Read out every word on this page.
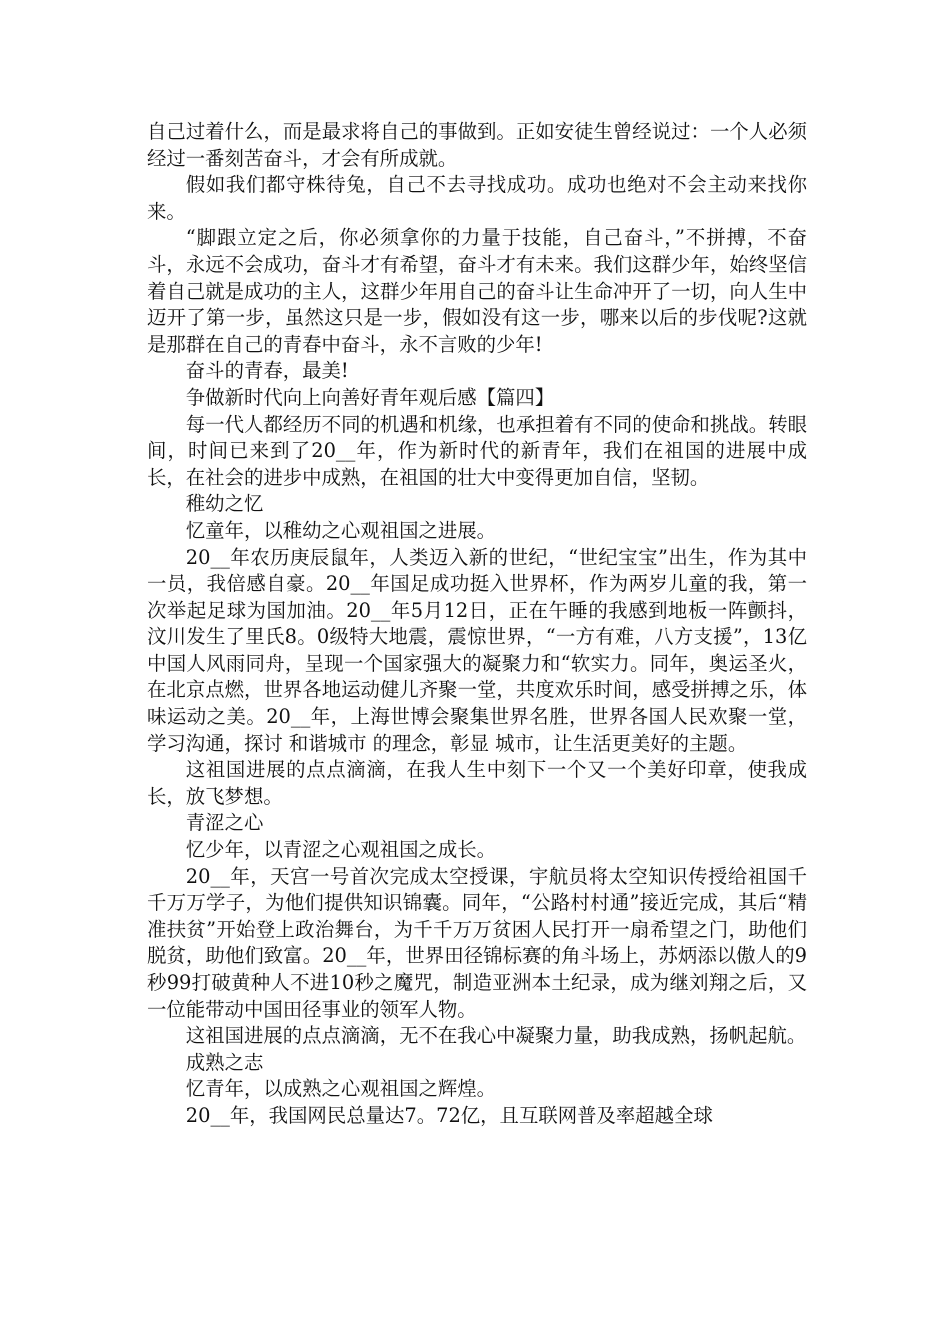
自己过着什么，而是最求将自己的事做到。正如安徒生曾经说过：一个人必须经过一番刻苦奋斗，才会有所成就。

假如我们都守株待兔，自己不去寻找成功。成功也绝对不会主动来找你来。

“脚跟立定之后，你必须拿你的力量于技能，自己奋斗，”不拼搏，不奋斗，永远不会成功，奋斗才有希望，奋斗才有未来。我们这群少年，始终坚信着自己就是成功的主人，这群少年用自己的奋斗让生命冲开了一切，向人生中迈开了第一步，虽然这只是一步，假如没有这一步，哪来以后的步伐呢?这就是那群在自己的青春中奋斗，永不言败的少年!

奋斗的青春，最美!

争做新时代向上向善好青年观后感【篇四】

每一代人都经历不同的机遇和机缘，也承担着有不同的使命和挑战。转眼间，时间已来到了20__年，作为新时代的新青年，我们在祖国的进展中成长，在社会的进步中成熟，在祖国的壮大中变得更加自信，坚韧。

稚幼之忆

忆童年，以稚幼之心观祖国之进展。

20__年农历庚辰鼠年，人类迈入新的世纪，“世纪宝宝”出生，作为其中一员，我倍感自豪。20__年国足成功挺入世界杯，作为两岁儿童的我，第一次举起足球为国加油。20__年5月12日，正在午睡的我感到地板一阵颤抖，汶川发生了里氏8。0级特大地震，震惊世界，“一方有难，八方支援”，13亿中国人风雨同舟，呈现一个国家强大的凝聚力和“软实力。同年，奥运圣火，在北京点燃，世界各地运动健儿齐聚一堂，共度欢乐时间，感受拼搏之乐，体味运动之美。20__年，上海世博会聚集世界名胜，世界各国人民欢聚一堂，学习沟通，探讨 和谐城市 的理念，彰显 城市，让生活更美好的主题。

这祖国进展的点点滴滴，在我人生中刻下一个又一个美好印章，使我成长，放飞梦想。

青涩之心

忆少年，以青涩之心观祖国之成长。

20__年，天宫一号首次完成太空授课，宇航员将太空知识传授给祖国千千万万学子，为他们提供知识锦囊。同年，“公路村村通”接近完成，其后“精准扶贫”开始登上政治舞台，为千千万万贫困人民打开一扇希望之门，助他们脱贫，助他们致富。20__年，世界田径锦标赛的角斗场上，苏炳添以傲人的9秒99打破黄种人不进10秒之魔咒，制造亚洲本土纪录，成为继刘翔之后，又一位能带动中国田径事业的领军人物。

这祖国进展的点点滴滴，无不在我心中凝聚力量，助我成熟，扬帆起航。

成熟之志

忆青年，以成熟之心观祖国之辉煌。

20__年，我国网民总量达7。72亿，且互联网普及率超越全球
